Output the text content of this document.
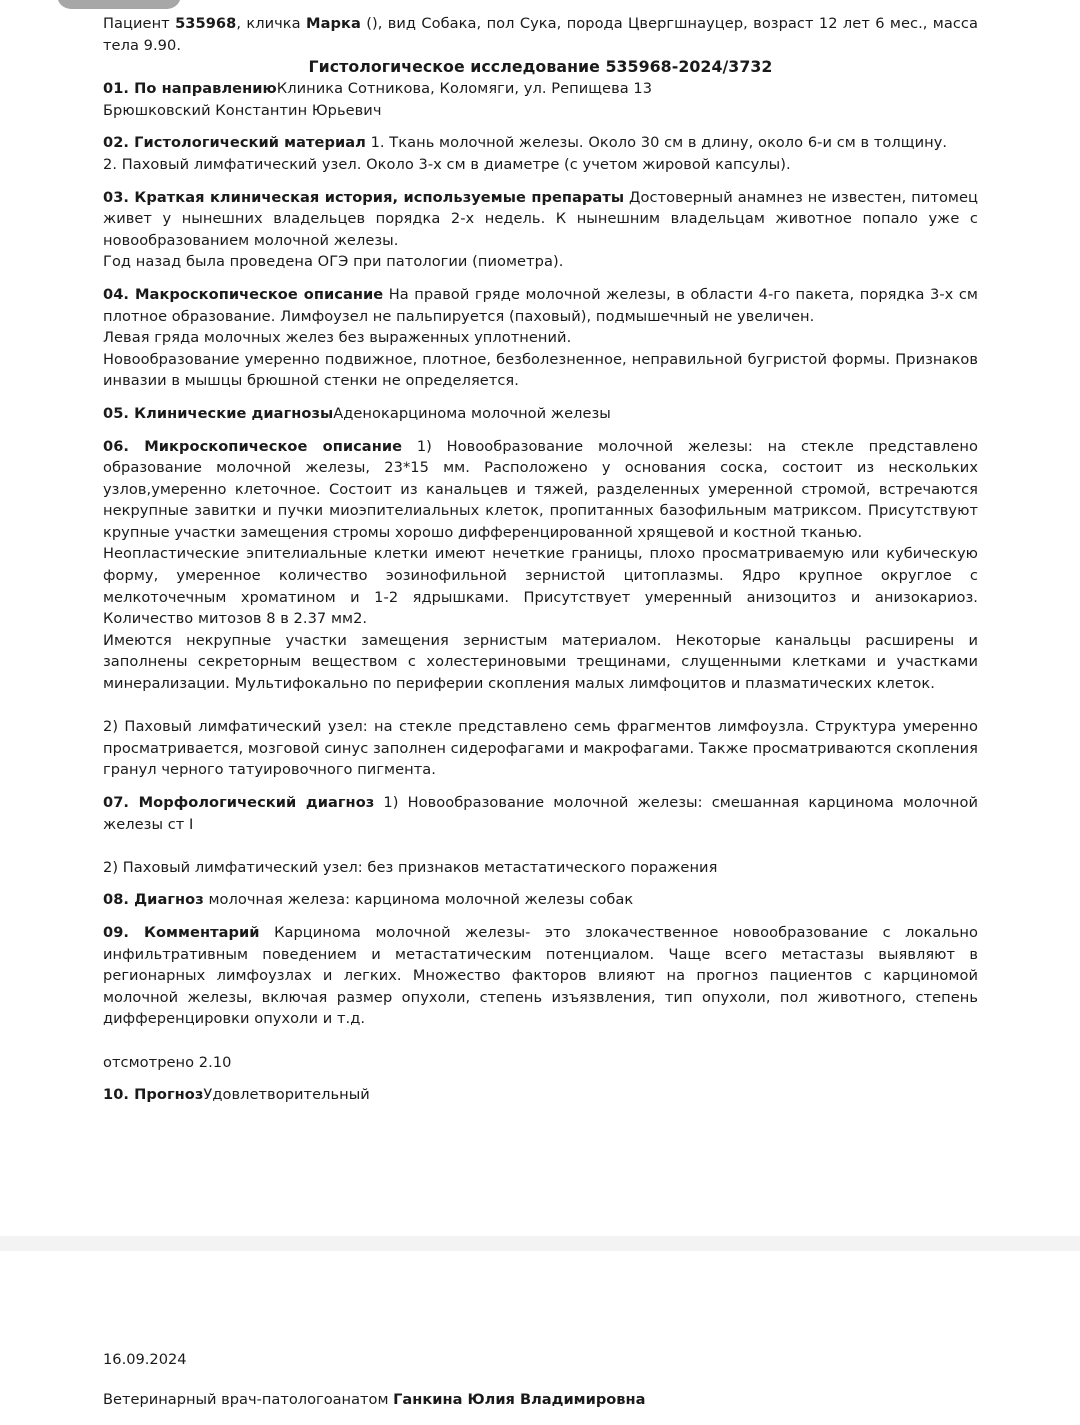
Пациент 535968, кличка Марка (), вид Собака, пол Сука, порода Цвергшнауцер, возраст 12 лет 6 мес., масса тела 9.90.

Гистологическое исследование 535968-2024/3732

01. По направлениюКлиника Сотникова, Коломяги, ул. Репищева 13

Брюшковский Константин Юрьевич

02. Гистологический материал 1. Ткань молочной железы. Около 30 см в длину, около 6-и см в толщину.

2. Паховый лимфатический узел. Около 3-х см в диаметре (с учетом жировой капсулы).

03. Краткая клиническая история, используемые препараты Достоверный анамнез не известен, питомец живет у нынешних владельцев порядка 2-х недель. К нынешним владельцам животное попало уже с новообразованием молочной железы.

Год назад была проведена ОГЭ при патологии (пиометра).

04. Макроскопическое описание На правой гряде молочной железы, в области 4-го пакета, порядка 3-х см плотное образование. Лимфоузел не пальпируется (паховый), подмышечный не увеличен.

Левая гряда молочных желез без выраженных уплотнений.

Новообразование умеренно подвижное, плотное, безболезненное, неправильной бугристой формы. Признаков инвазии в мышцы брюшной стенки не определяется.

05. Клинические диагнозыАденокарцинома молочной железы

06. Микроскопическое описание 1) Новообразование молочной железы: на стекле представлено образование молочной железы, 23*15 мм. Расположено у основания соска, состоит из нескольких узлов,умеренно клеточное. Состоит из канальцев и тяжей, разделенных умеренной стромой, встречаются некрупные завитки и пучки миоэпителиальных клеток, пропитанных базофильным матриксом. Присутствуют крупные участки замещения стромы хорошо дифференцированной хрящевой и костной тканью.

Неопластические эпителиальные клетки имеют нечеткие границы, плохо просматриваемую или кубическую форму, умеренное количество эозинофильной зернистой цитоплазмы. Ядро крупное округлое с мелкоточечным хроматином и 1-2 ядрышками. Присутствует умеренный анизоцитоз и анизокариоз. Количество митозов 8 в 2.37 мм2.

Имеются некрупные участки замещения зернистым материалом. Некоторые канальцы расширены и заполнены секреторным веществом с холестериновыми трещинами, слущенными клетками и участками минерализации. Мультифокально по периферии скопления малых лимфоцитов и плазматических клеток.

2) Паховый лимфатический узел: на стекле представлено семь фрагментов лимфоузла. Структура умеренно просматривается, мозговой синус заполнен сидерофагами и макрофагами. Также просматриваются скопления гранул черного татуировочного пигмента.

07. Морфологический диагноз 1) Новообразование молочной железы: смешанная карцинома молочной железы ст I

2) Паховый лимфатический узел: без признаков метастатического поражения

08. Диагноз молочная железа: карцинома молочной железы собак

09. Комментарий Карцинома молочной железы- это злокачественное новообразование с локально инфильтративным поведением и метастатическим потенциалом. Чаще всего метастазы выявляют в регионарных лимфоузлах и легких. Множество факторов влияют на прогноз пациентов с карциномой молочной железы, включая размер опухоли, степень изъязвления, тип опухоли, пол животного, степень дифференцировки опухоли и т.д.

отсмотрено 2.10

10. ПрогнозУдовлетворительный

16.09.2024
Ветеринарный врач-патологоанатом Ганкина Юлия Владимировна
